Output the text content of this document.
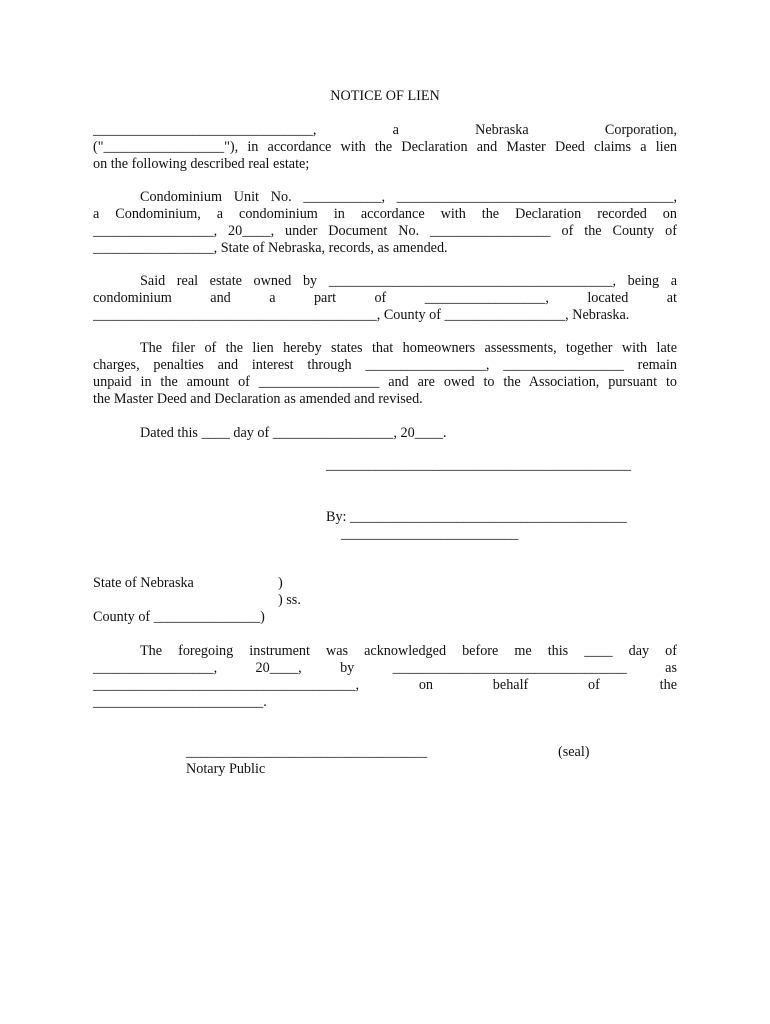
NOTICE OF LIEN
_______________________________, a Nebraska Corporation,
("_________________"), in accordance with the Declaration and Master Deed claims a lien
on the following described real estate;
Condominium Unit No. ___________, _______________________________________,
a Condominium, a condominium in accordance with the Declaration recorded on
_________________, 20____, under Document No. _________________ of the County of
_________________, State of Nebraska, records, as amended.
Said real estate owned by ________________________________________, being a
condominium and a part of _________________, located at
________________________________________, County of _________________, Nebraska.
The filer of the lien hereby states that homeowners assessments, together with late
charges, penalties and interest through _________________, _________________ remain
unpaid in the amount of _________________ and are owed to the Association, pursuant to
the Master Deed and Declaration as amended and revised.
Dated this ____ day of _________________, 20____.
___________________________________________
By: _______________________________________
_________________________
State of Nebraska	)
) ss.
County of _______________)
The foregoing instrument was acknowledged before me this ____ day of
_________________, 20____, by _________________________________ as
_____________________________________, on behalf of the
________________________.
__________________________________	(seal)
Notary Public
